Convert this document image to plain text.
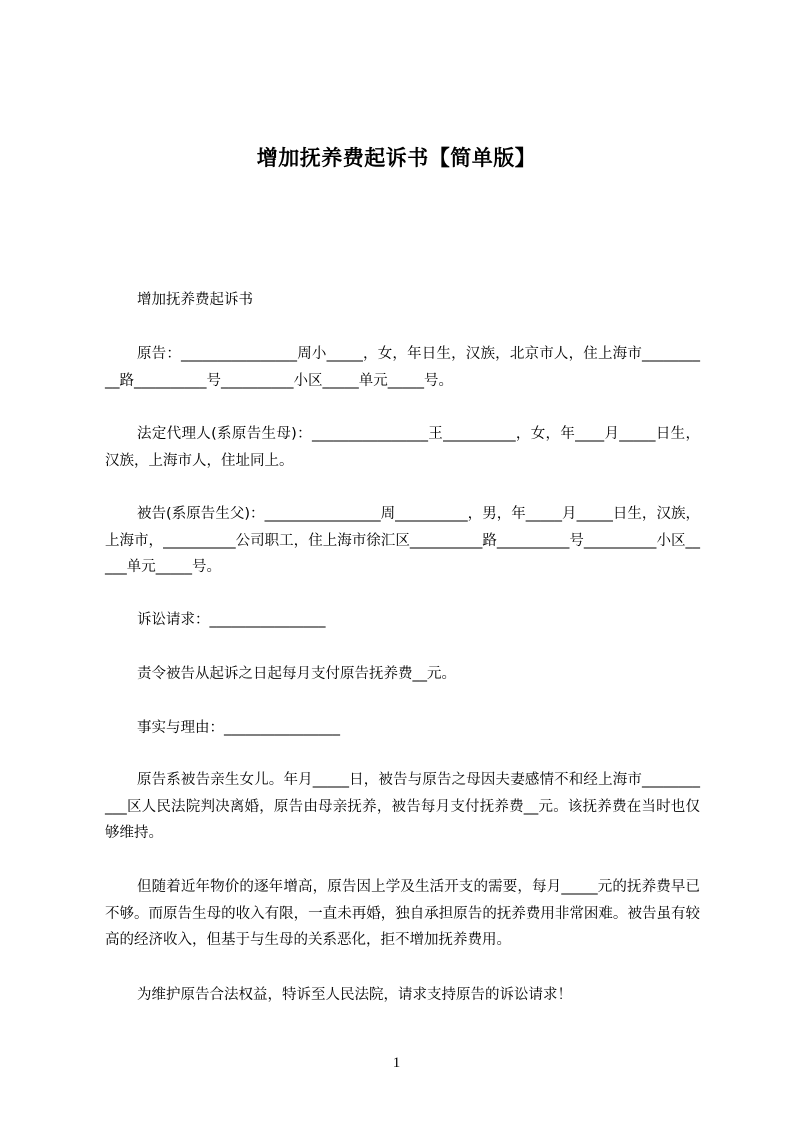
增加抚养费起诉书【简单版】

增加抚养费起诉书

原告：________________周小_____，女，年日生，汉族，北京市人，住上海市__________路__________号__________小区_____单元_____号。

法定代理人(系原告生母)：________________王__________，女，年____月_____日生，汉族，上海市人，住址同上。

被告(系原告生父)：________________周__________，男，年_____月_____日生，汉族，上海市，__________公司职工，住上海市徐汇区__________路__________号__________小区_____单元_____号。

诉讼请求：________________

责令被告从起诉之日起每月支付原告抚养费__元。

事实与理由：________________

原告系被告亲生女儿。年月_____日，被告与原告之母因夫妻感情不和经上海市___________区人民法院判决离婚，原告由母亲抚养，被告每月支付抚养费__元。该抚养费在当时也仅够维持。

但随着近年物价的逐年增高，原告因上学及生活开支的需要，每月_____元的抚养费早已不够。而原告生母的收入有限，一直未再婚，独自承担原告的抚养费用非常困难。被告虽有较高的经济收入，但基于与生母的关系恶化，拒不增加抚养费用。

为维护原告合法权益，特诉至人民法院，请求支持原告的诉讼请求！

1
